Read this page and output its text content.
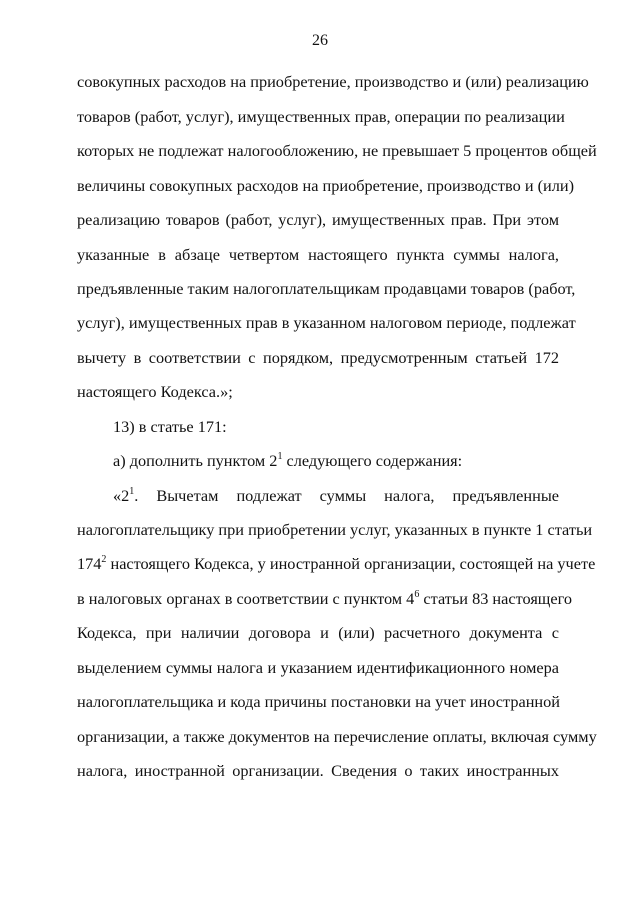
26
совокупных расходов на приобретение, производство и (или) реализацию
товаров (работ, услуг), имущественных прав, операции по реализации
которых не подлежат налогообложению, не превышает 5 процентов общей
величины совокупных расходов на приобретение, производство и (или)
реализацию товаров (работ, услуг), имущественных прав. При этом
указанные в абзаце четвертом настоящего пункта суммы налога,
предъявленные таким налогоплательщикам продавцами товаров (работ,
услуг), имущественных прав в указанном налоговом периоде, подлежат
вычету в соответствии с порядком, предусмотренным статьей 172
настоящего Кодекса.»;
13) в статье 171:
а) дополнить пунктом $2^1$ следующего содержания:
«$2^1$. Вычетам подлежат суммы налога, предъявленные
налогоплательщику при приобретении услуг, указанных в пункте 1 статьи
$174^2$ настоящего Кодекса, у иностранной организации, состоящей на учете
в налоговых органах в соответствии с пунктом $4^6$ статьи 83 настоящего
Кодекса, при наличии договора и (или) расчетного документа с
выделением суммы налога и указанием идентификационного номера
налогоплательщика и кода причины постановки на учет иностранной
организации, а также документов на перечисление оплаты, включая сумму
налога, иностранной организации. Сведения о таких иностранных
